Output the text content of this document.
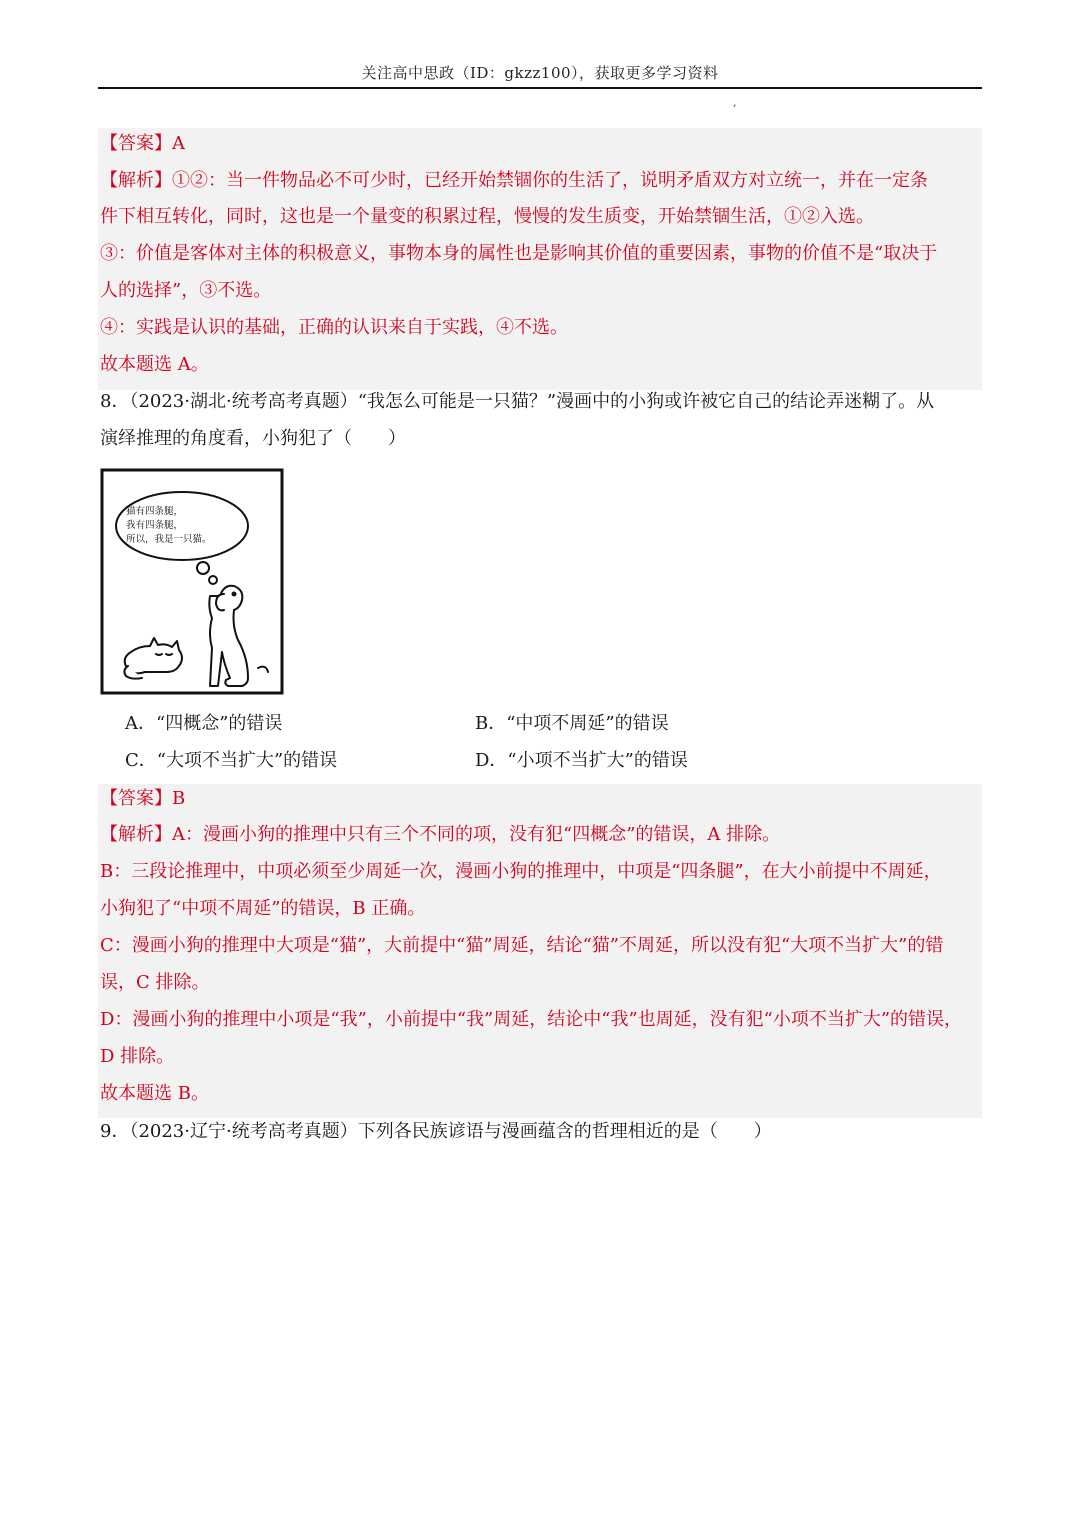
关注高中思政（ID：gkzz100），获取更多学习资料
,
【答案】A
【解析】①②：当一件物品必不可少时，已经开始禁锢你的生活了，说明矛盾双方对立统一，并在一定条
件下相互转化，同时，这也是一个量变的积累过程，慢慢的发生质变，开始禁锢生活，①②入选。
③：价值是客体对主体的积极意义，事物本身的属性也是影响其价值的重要因素，事物的价值不是“取决于
人的选择”，③不选。
④：实践是认识的基础，正确的认识来自于实践，④不选。
故本题选 A。
8．（2023·湖北·统考高考真题）“我怎么可能是一只猫？”漫画中的小狗或许被它自己的结论弄迷糊了。从
演绎推理的角度看，小狗犯了（　　）
猫有四条腿，
我有四条腿，
所以，我是一只猫。
A．“四概念”的错误	B．“中项不周延”的错误
C．“大项不当扩大”的错误	D．“小项不当扩大”的错误
【答案】B
【解析】A：漫画小狗的推理中只有三个不同的项，没有犯“四概念”的错误，A 排除。
B：三段论推理中，中项必须至少周延一次，漫画小狗的推理中，中项是“四条腿”，在大小前提中不周延，
小狗犯了“中项不周延”的错误，B 正确。
C：漫画小狗的推理中大项是“猫”，大前提中“猫”周延，结论“猫”不周延，所以没有犯“大项不当扩大”的错
误，C 排除。
D：漫画小狗的推理中小项是“我”，小前提中“我”周延，结论中“我”也周延，没有犯“小项不当扩大”的错误，
D 排除。
故本题选 B。
9．（2023·辽宁·统考高考真题）下列各民族谚语与漫画蕴含的哲理相近的是（　　）
